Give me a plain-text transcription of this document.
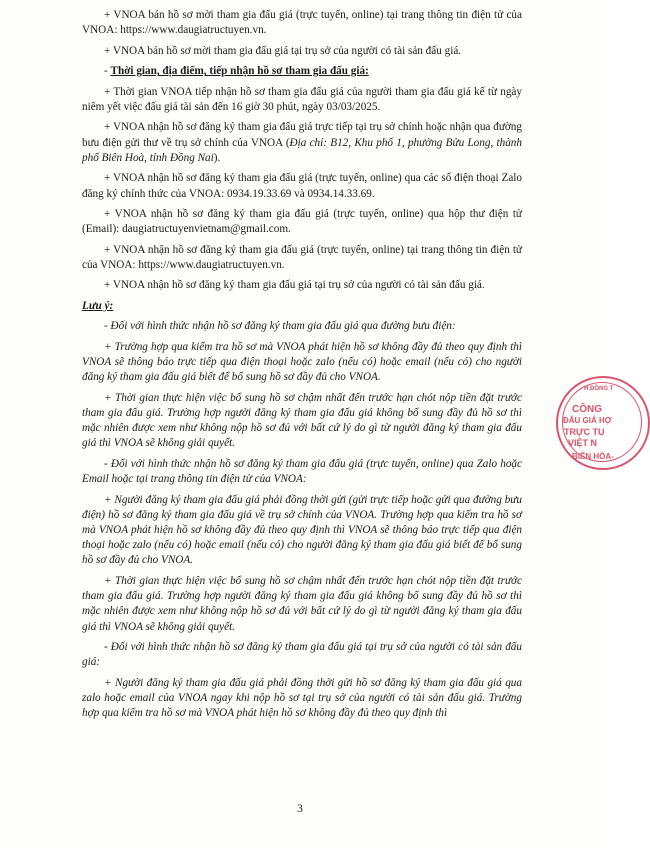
+ VNOA bán hồ sơ mời tham gia đấu giá (trực tuyến, online) tại trang thông tin điện tử của VNOA: https://www.daugiatructuyen.vn.

+ VNOA bán hồ sơ mời tham gia đấu giá tại trụ sở của người có tài sản đấu giá.

- Thời gian, địa điểm, tiếp nhận hồ sơ tham gia đấu giá:

+ Thời gian VNOA tiếp nhận hồ sơ tham gia đấu giá của người tham gia đấu giá kể từ ngày niêm yết việc đấu giá tài sản đến 16 giờ 30 phút, ngày 03/03/2025.

+ VNOA nhận hồ sơ đăng ký tham gia đấu giá trực tiếp tại trụ sở chính hoặc nhận qua đường bưu điện gửi thư về trụ sở chính của VNOA (Địa chỉ: B12, Khu phố 1, phường Bửu Long, thành phố Biên Hoà, tỉnh Đồng Nai).

+ VNOA nhận hồ sơ đăng ký tham gia đấu giá (trực tuyến, online) qua các số điện thoại Zalo đăng ký chính thức của VNOA: 0934.19.33.69 và 0934.14.33.69.

+ VNOA nhận hồ sơ đăng ký tham gia đấu giá (trực tuyến, online) qua hộp thư điện tử (Email): daugiatructuyenvietnam@gmail.com.

+ VNOA nhận hồ sơ đăng ký tham gia đấu giá (trực tuyến, online) tại trang thông tin điện tử của VNOA: https://www.daugiatructuyen.vn.

+ VNOA nhận hồ sơ đăng ký tham gia đấu giá tại trụ sở của người có tài sản đấu giá.

Lưu ý:

- Đối với hình thức nhận hồ sơ đăng ký tham gia đấu giá qua đường bưu điện:

+ Trường hợp qua kiểm tra hồ sơ mà VNOA phát hiện hồ sơ không đầy đủ theo quy định thì VNOA sẽ thông báo trực tiếp qua điện thoại hoặc zalo (nếu có) hoặc email (nếu có) cho người đăng ký tham gia đấu giá biết để bổ sung hồ sơ đầy đủ cho VNOA.

+ Thời gian thực hiện việc bổ sung hồ sơ chậm nhất đến trước hạn chót nộp tiền đặt trước tham gia đấu giá. Trường hợp người đăng ký tham gia đấu giá không bổ sung đầy đủ hồ sơ thì mặc nhiên được xem như không nộp hồ sơ đủ với bất cứ lý do gì từ người đăng ký tham gia đấu giá thì VNOA sẽ không giải quyết.

- Đối với hình thức nhận hồ sơ đăng ký tham gia đấu giá (trực tuyến, online) qua Zalo hoặc Email hoặc tại trang thông tin điện tử của VNOA:

+ Người đăng ký tham gia đấu giá phải đồng thời gửi (gửi trực tiếp hoặc gửi qua đường bưu điện) hồ sơ đăng ký tham gia đấu giá về trụ sở chính của VNOA. Trường hợp qua kiểm tra hồ sơ mà VNOA phát hiện hồ sơ không đầy đủ theo quy định thì VNOA sẽ thông báo trực tiếp qua điện thoại hoặc zalo (nếu có) hoặc email (nếu có) cho người đăng ký tham gia đấu giá biết để bổ sung hồ sơ đầy đủ cho VNOA.

+ Thời gian thực hiện việc bổ sung hồ sơ chậm nhất đến trước hạn chót nộp tiền đặt trước tham gia đấu giá. Trường hợp người đăng ký tham gia đấu giá không bổ sung đầy đủ hồ sơ thì mặc nhiên được xem như không nộp hồ sơ đủ với bất cứ lý do gì từ người đăng ký tham gia đấu giá thì VNOA sẽ không giải quyết.

- Đối với hình thức nhận hồ sơ đăng ký tham gia đấu giá tại trụ sở của người có tài sản đấu giá:

+ Người đăng ký tham gia đấu giá phải đồng thời gửi hồ sơ đăng ký tham gia đấu giá qua zalo hoặc email của VNOA ngay khi nộp hồ sơ tại trụ sở của người có tài sản đấu giá. Trường hợp qua kiểm tra hồ sơ mà VNOA phát hiện hồ sơ không đầy đủ theo quy định thì

H.ĐỒNG T
CÔNG
ĐẤU GIÁ HỢ
TRỰC TU
VIỆT N
BIÊN HÒA-
3
